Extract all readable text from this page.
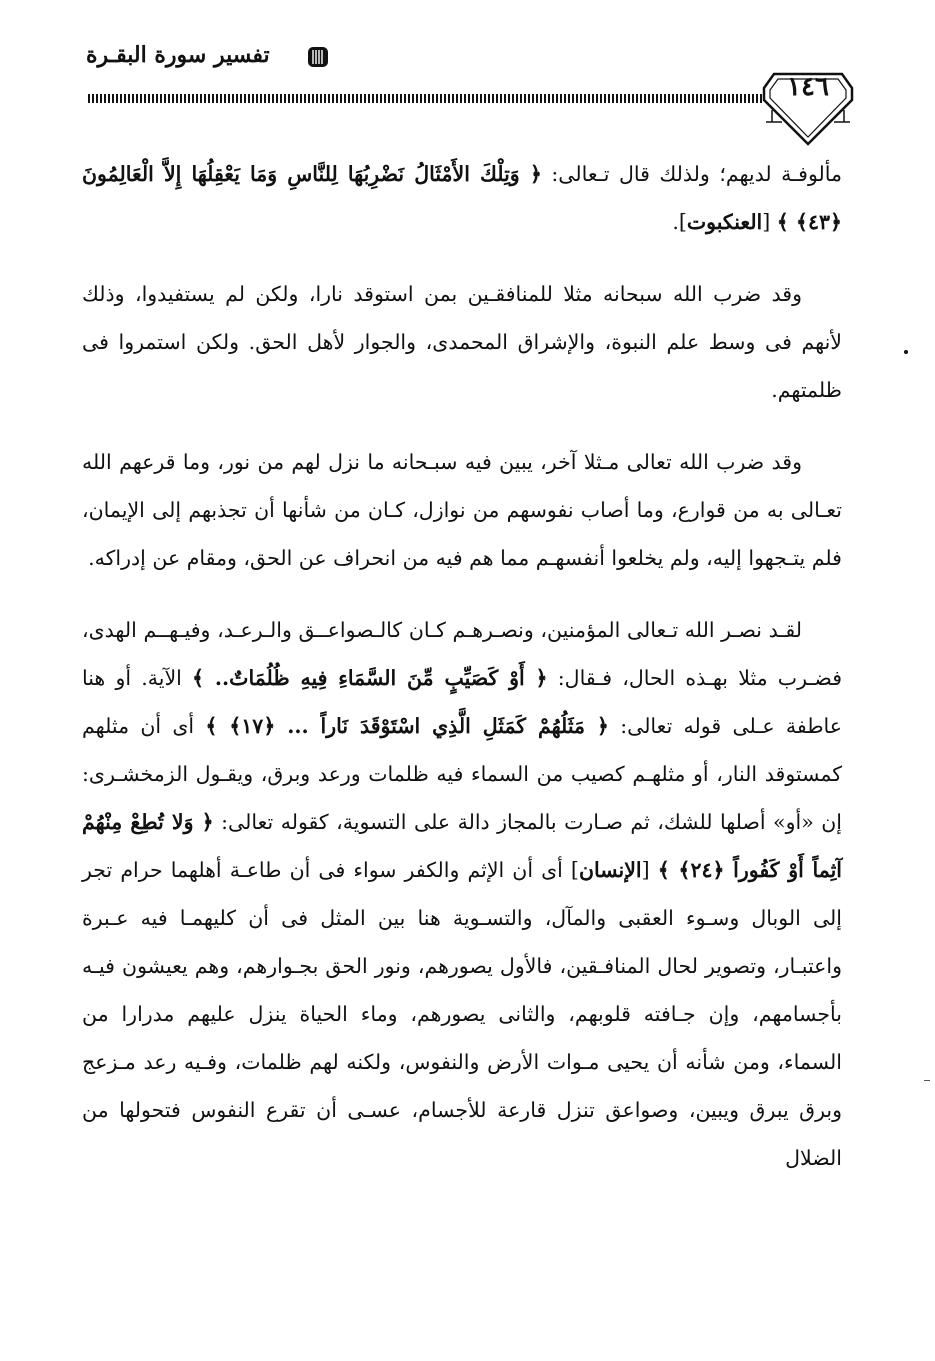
تفسير سورة البقـرة
١٤٦

مألوفـة لديهم؛ ولذلك قال تـعالى: ﴿ وَتِلْكَ الأَمْثَالُ نَضْرِبُهَا لِلنَّاسِ وَمَا يَعْقِلُهَا إِلاَّ الْعَالِمُونَ ﴿٤٣﴾ ﴾ [العنكبوت].

وقد ضرب الله سبحانه مثلا للمنافقـين بمن استوقد نارا، ولكن لم يستفيدوا، وذلك لأنهم فى وسط علم النبوة، والإشراق المحمدى، والجوار لأهل الحق. ولكن استمروا فى ظلمتهم.

وقد ضرب الله تعالى مـثلا آخر، يبين فيه سبـحانه ما نزل لهم من نور، وما قرعهم الله تعـالى به من قوارع، وما أصاب نفوسهم من نوازل، كـان من شأنها أن تجذبهم إلى الإيمان، فلم يتـجهوا إليه، ولم يخلعوا أنفسهـم مما هم فيه من انحراف عن الحق، ومقام عن إدراكه.

لقـد نصـر الله تـعالى المؤمنين، ونصـرهـم كـان كالـصواعــق والـرعـد، وفيـهــم الهدى، فضـرب مثلا بهـذه الحال، فـقال: ﴿ أَوْ كَصَيِّبٍ مِّنَ السَّمَاءِ فِيهِ ظُلُمَاتٌ.. ﴾ الآية. أو هنا عاطفة عـلى قوله تعالى: ﴿ مَثَلُهُمْ كَمَثَلِ الَّذِي اسْتَوْقَدَ نَاراً ... ﴿١٧﴾ ﴾ أى أن مثلهم كمستوقد النار، أو مثلهـم كصيب من السماء فيه ظلمات ورعد وبرق، ويقـول الزمخشـرى: إن «أو» أصلها للشك، ثم صـارت بالمجاز دالة على التسوية، كقوله تعالى: ﴿ وَلا تُطِعْ مِنْهُمْ آثِماً أَوْ كَفُوراً ﴿٢٤﴾ ﴾ [الإنسان] أى أن الإثم والكفر سواء فى أن طاعـة أهلهما حرام تجر إلى الوبال وسـوء العقبى والمآل، والتسـوية هنا بين المثل فى أن كليهمـا فيه عـبرة واعتبـار، وتصوير لحال المنافـقين، فالأول يصورهم، ونور الحق بجـوارهم، وهم يعيشون فيـه بأجسامهم، وإن جـافته قلوبهم، والثانى يصورهم، وماء الحياة ينزل عليهم مدرارا من السماء، ومن شأنه أن يحيى مـوات الأرض والنفوس، ولكنه لهم ظلمات، وفـيه رعد مـزعج وبرق يبرق ويبين، وصواعق تنزل قارعة للأجسام، عسـى أن تقرع النفوس فتحولها من الضلال
